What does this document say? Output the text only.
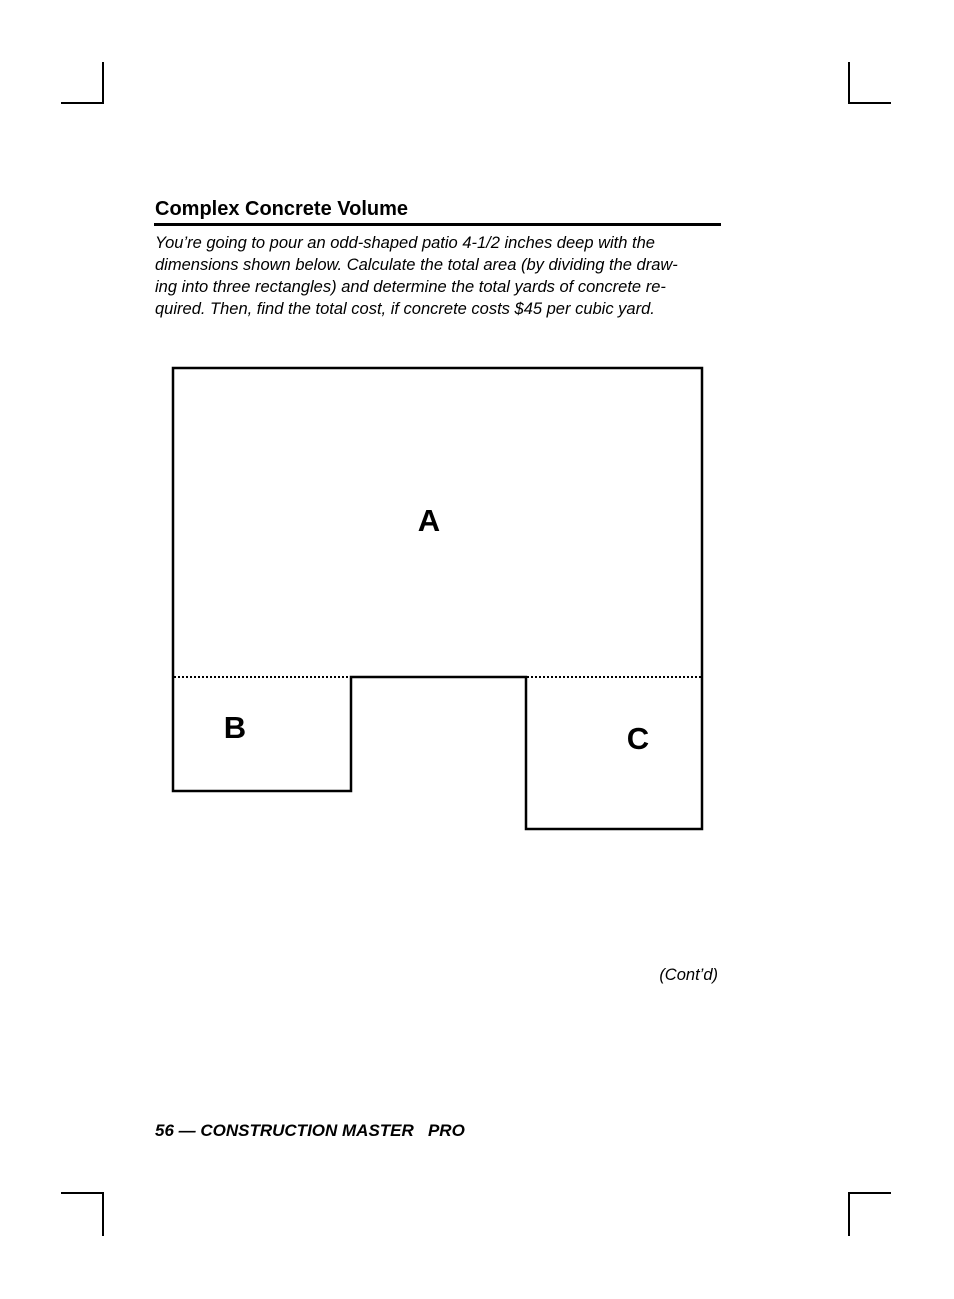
Complex Concrete Volume
You’re going to pour an odd-shaped patio 4-1/2 inches deep with the
dimensions shown below. Calculate the total area (by dividing the draw-
ing into three rectangles) and determine the total yards of concrete re-
quired. Then, find the total cost, if concrete costs $45 per cubic yard.
A
B	C
(Cont’d)
56 — CONSTRUCTION MASTER   PRO
